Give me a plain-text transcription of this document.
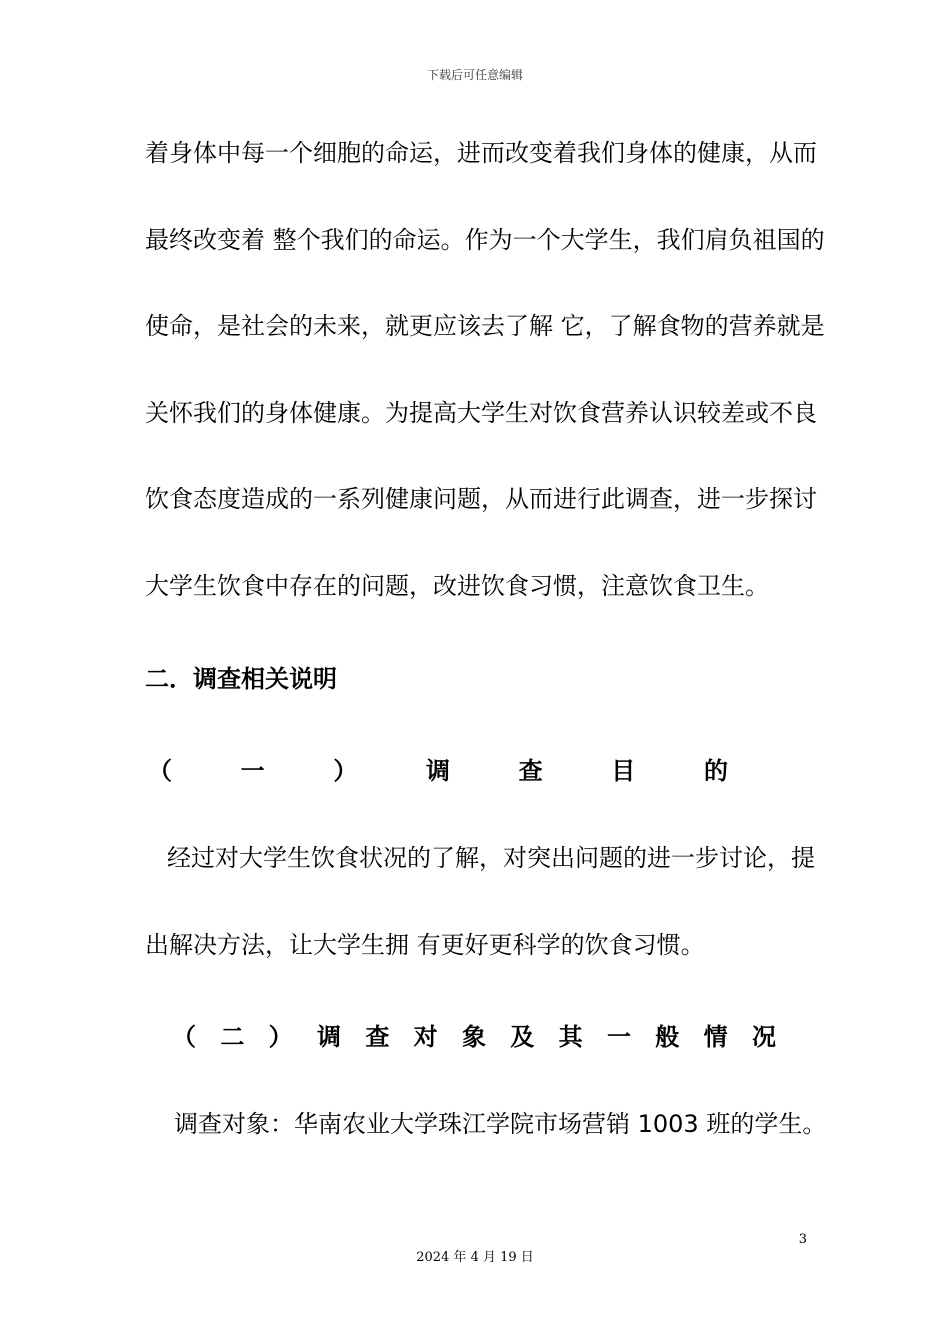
下载后可任意编辑
着身体中每一个细胞的命运，进而改变着我们身体的健康，从而
最终改变着 整个我们的命运。作为一个大学生，我们肩负祖国的
使命，是社会的未来，就更应该去了解 它，了解食物的营养就是
关怀我们的身体健康。为提高大学生对饮食营养认识较差或不良
饮食态度造成的一系列健康问题，从而进行此调查，进一步探讨
大学生饮食中存在的问题，改进饮食习惯，注意饮食卫生。
二．调查相关说明
（	一	）	调	查	目	的
经过对大学生饮食状况的了解，对突出问题的进一步讨论，提
出解决方法，让大学生拥 有更好更科学的饮食习惯。
（ 二 ） 调 查 对 象 及 其 一 般 情 况
调查对象：华南农业大学珠江学院市场营销 1003 班的学生。
3
2024 年 4 月 19 日
